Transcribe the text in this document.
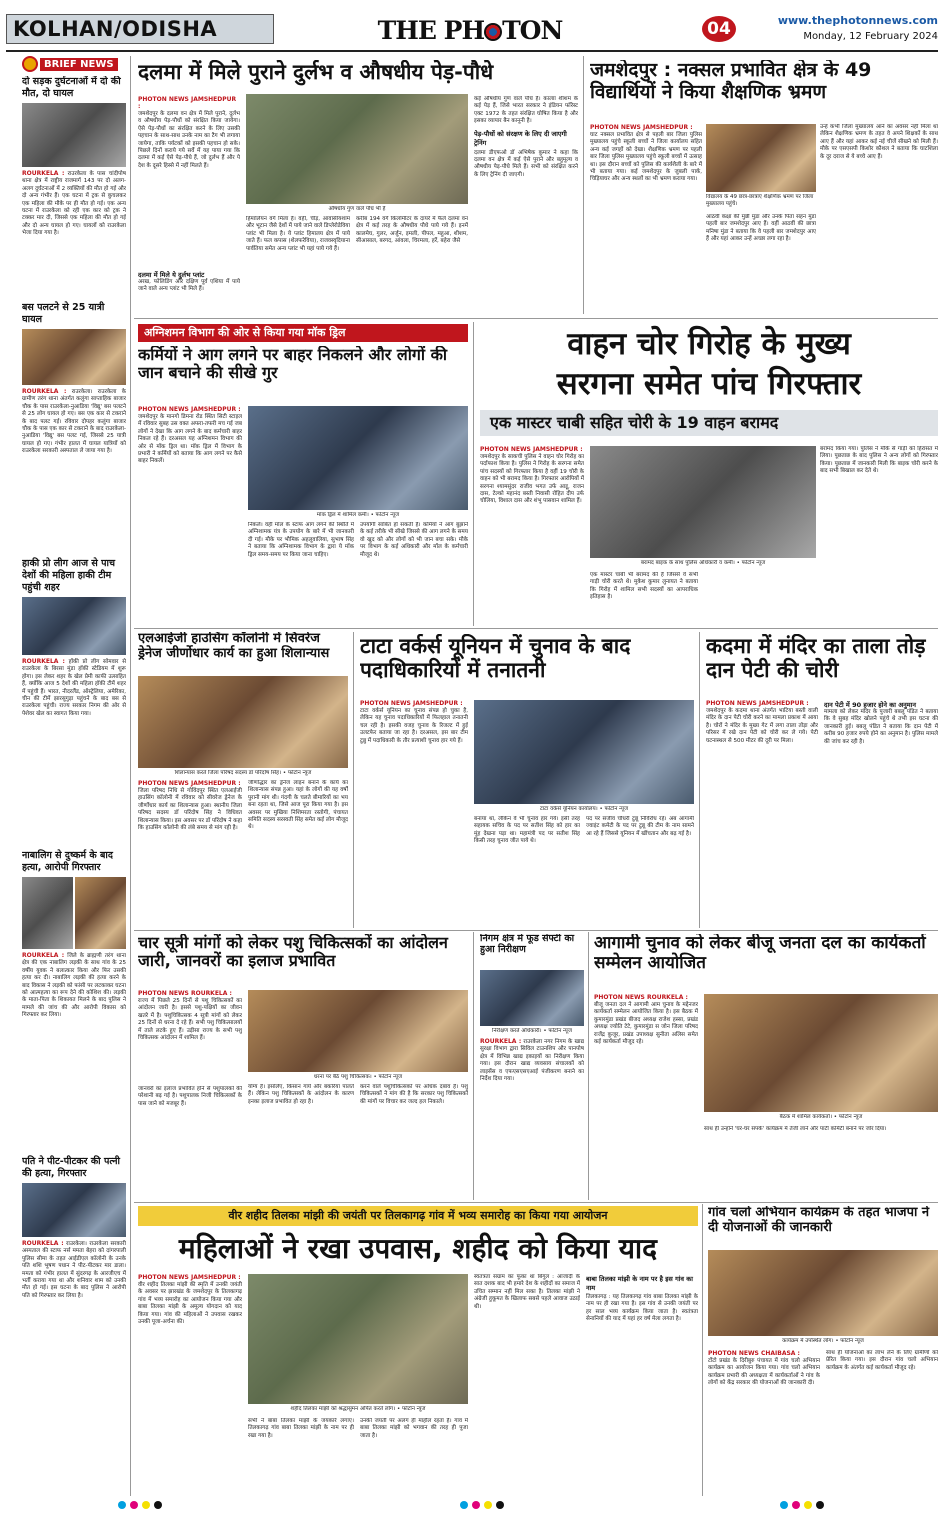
KOLHAN/ODISHA	THE PH TON	04	www.thephotonnews.com
Monday, 12 February 2024
BRIEF NEWS
दो सड़क दुर्घटनाओं में दो की मौत, दो घायल
ROURKELA : राउरकेला के पास चांदीपोष थाना क्षेत्र में राष्ट्रीय राजमार्ग 143 पर दो अलग-अलग दुर्घटनाओं में 2 व्यक्तियों की मौत हो गई और दो अन्य गंभीर हैं। एक घटना में ट्रक से कुचलकर एक महिला की मौके पर ही मौत हो गई। एक अन्य घटना में राउरकेला को रही एक कार को ट्रक ने टक्कर मार दी, जिससे एक महिला की मौत हो गई और दो अन्य घायल हो गए। घायलों को राउरकेला भेजा दिया गया है।
बस पलटने से 25 यात्री घायल
ROURKELA : राउरकेला। राउरकेला के ग्रामीण तरंग थाना अंतर्गत कलुंगा साप्ताहिक बाजार चौक के पास राउरकेला-नुआडिया 'विद्यु' बस पलटने से 25 लोग घायल हो गए। बस एक कार से टकराने के बाद पलट गई। रविवार दोपहर कलुंगा बाजार चौक के पास एक कार से टकराने के बाद राउरकेला-नुआडिया 'विद्यु' बस पलट गई, जिससे 25 यात्री घायल हो गए। गंभीर हालत में घायल यात्रियों को राउरकेला सरकारी अस्पताल ले जाया गया है।
हाकी प्रो लीग आज से पाच देशों की महिला हाकी टीम पहुंची शहर
ROURKELA : हॉकी प्रो लीग सोमवार से राउरकेला के बिरसा मुंडा हॉकी स्टेडियम में शुरू होगा। इस लेकर शहर के खेल प्रेमी काफी उत्साहित हैं, क्योंकि आज 5 देशों की महिला हॉकी टीमें शहर में पहुंची हैं। भारत, नीदरलैंड, ऑस्ट्रेलिया, अमेरिका, चीन की टीमें झारसुगुड़ा पहुंचने के बाद बस से राउरकेला पहुंची। राज्य सरकार निगम की ओर से पेशेवर खेल का स्वागत किया गया।
नाबालिग से दुष्कर्म के बाद हत्या, आरोपी गिरफ्तार
ROURKELA : जिले के ब्राह्मणी तरंग थाना क्षेत्र की एक नाबालिग लड़की के साथ गांव के 25 वर्षीय युवक ने बलात्कार किया और फिर उसकी हत्या कर दी। नाबालिग लड़की की हत्या करने के बाद विकास ने लड़की को फांसी पर लटकाकर घटना को आत्महत्या का रूप देने की कोशिश की। लड़की के माता-पिता के शिकायत मिलने के बाद पुलिस ने मामले की जांच की और आरोपी विकास को गिरफ्तार कर लिया।
पति ने पीट-पीटकर की पत्नी की हत्या, गिरफ्तार
ROURKELA : राउरकेला। राउरकेला सरकारी अस्पताल की स्टाफ नर्स ममता बेहरा को दांगरपाली पुलिस सीमा के तहत आईडीएल कॉलोनी के उनके पति शशि भूषण पधान ने पीट-पीटकर मार डाला। ममता को गंभीर हालत में सुंदरगढ़ के आरजीएच में भर्ती कराया गया था और शनिवार शाम को उनकी मौत हो गई। इस घटना के बाद पुलिस ने आरोपी पति को गिरफ्तार कर लिया है।
दलमा में मिले पुराने दुर्लभ व औषधीय पेड़-पौधे
PHOTON NEWS JAMSHEDPUR :
जमशेदपुर के दलमा वन क्षेत्र में मिले पुराने, दुर्लभ व औषधीय पेड़-पौधों को संरक्षित किया जायेगा। ऐसे पेड़-पौधों का संरक्षित करने के लिए उसकी पहचान के साथ-साथ उनके नाम का टैग भी लगाया जायेगा, ताकि पर्यटकों को इसकी पहचान हो सके। पिछले दिनों कराये गये सर्वे में यह पाया गया कि दलमा में कई ऐसे पेड़-पौधे हैं, जो दुर्लभ हैं और पे देश के दूसरे हिस्से में नहीं मिलते हैं।
औषधीय गुण वाले पौधे भी हैं
हिमालियन वर्ग मिला है। वहीं, चीड़, आवासीयशाम और भूटान जैसे देशों में पाये जाने वाले डिप्लेरोडेविया प्लांट भी मिला है। ये प्लांट हिमालय क्षेत्र में पाये जाते हैं। फल कपास (शेलफरेविया), राजवस्वृदियाना पार्वतिया समेत अन्य प्लांट भी यहां पाये गये हैं।
दलमा में मिले ये दुर्लभ प्लांट
अरख, फोलिडिंग और दक्षिण पूर्व एशिया में पाये जाने वाले अन्य प्लांट भी मिले हैं।
करीब 194 वर्ग किलोमीटर के दायरे में फैले दलमा वन क्षेत्र में कई तरह के औषधीय पौधे पाये गये हैं। इनमें कालमेघ, गुलर, अर्जुन, इमली, पीपल, महुआ, शीशम, सीआसाल, बरगद, आंवला, चिरमला, हर्रे, बहेरा जैसे
कई औषधीय गुण वाले पौधे हैं। कालाा शीशम के कई पेड़ हैं, जिसे भारत सरकार ने इंडियन फॉरेस्ट एक्ट 1972 के तहत संरक्षित घोषित किया है और इसका व्यापार बैन कानूनी है।
पेड़-पौधों को संरक्षण के लिए दी जाएगी ट्रेनिंग
दलमा डीएफओ डॉ अभिषेक कुमार ने कहा कि दलमा वन क्षेत्र में कई ऐसे पुराने और बहुमूल्य व औषधीय पेड़-पौधे मिले हैं। सभी को संरक्षित करने के लिए ट्रेनिंग दी जाएगी।
जमशेदपुर : नक्सल प्रभावित क्षेत्र के 49 विद्यार्थियों ने किया शैक्षणिक भ्रमण
PHOTON NEWS JAMSHEDPUR :
घाट नक्सल प्रभावित क्षेत्र से पहली बार जिला पुलिस मुख्यालय पहुंचे स्कूली बच्चों ने जिला कार्यालय सहित अन्य कई जगहों को देखा। शैक्षणिक भ्रमण पर पहली बार जिला पुलिस मुख्यालय पहुंचे स्कूली बच्चों में उत्साह था। इस दौरान बच्चों को पुलिस की कार्यशैली के बारे में भी बताया गया। कई जमशेदपुर के जुबली पार्क, चिड़ियाघर और अन्य स्थलों का भी भ्रमण कराया गया।
विद्यालय के 49 छात्र-छात्राएं शैक्षणिक भ्रमण पर जिला मुख्यालय पहुंचे।
आठवीं कक्षा की मुन्नी मुंडा और उनके पिता सहन मुंडा पहली बार जमशेदपुर आए हैं। वहीं आठवीं की छात्रा मनिषा मुंडा ने बताया कि वे पहली बार जमशेदपुर आए हैं और यहां आकर उन्हें अच्छा लगा रहा है।
उन्हें कभी जिला मुख्यालय आने का अवसर नहीं मिला था लेकिन शैक्षणिक भ्रमण के तहत वे अपने शिक्षकों के साथ आए हैं और यहां आकर कई नई चीजें सीखने को मिली हैं। मौके पर एसएसपी किशोर कौशल ने बताया कि घाटशिला के दूर दराज से ये बच्चे आए हैं।
अग्निशमन विभाग की ओर से किया गया मॉक ड्रिल
कर्मियों ने आग लगने पर बाहर निकलने और लोगों की जान बचाने की सीखे गुर
PHOTON NEWS JAMSHEDPUR :
जमशेदपुर के मानगो डिमना रोड स्थित सिटी स्टाइल में रविवार सुबह उस वक्त अफरा-तफरी मच गई जब लोगों ने देखा कि आग लगने के बाद कर्मचारी बाहर निकल रहे हैं। दरअसल यह अग्निशमन विभाग की ओर से मॉक ड्रिल था। मॉक ड्रिल में विभाग के प्रभारी ने कर्मियों को बताया कि आग लगने पर कैसे बाहर निकलें।
मॉक ड्रिल में शामिल कर्मी। • फोटोन न्यूज
निकलें। वहीं मॉल के स्टाफ आग लगने की स्थिति में अग्निशामक यंत्र के उपयोग के बारे में भी जानकारी दी गई। मौके पर भौमिक अहलूवालिया, सुभाष सिंह ने बताया कि अग्निशामक विभाग के द्वारा ये मॉक ड्रिल समय-समय पर किया जाना चाहिए।
उपयोगी साबित हो सकती है। कर्मियों ने आग बुझाने के कई तरीके भी सीखे जिससे की आग लगने के समय वो खुद को और लोगों को भी जान बचा सके। मौके पर विभाग के कई अधिकारी और मॉल के कर्मचारी मौजूद थे।
वाहन चोर गिरोह के मुख्य
सरगना समेत पांच गिरफ्तार
एक मास्टर चाबी सहित चोरी के 19 वाहन बरामद
PHOTON NEWS JAMSHEDPUR :
जमशेदपुर के साकची पुलिस ने वाहन चोर गिरोह का पर्दाफाश किया है। पुलिस ने गिरोह के सरगना समेत पांच सदस्यों को गिरफ्तार किया है वहीं 19 चोरी के वाहन को भी बरामद किया है। गिरफ्तार आरोपियों में सरगना श्यामसुंदर राजीव भगत उर्फ आइू, राजन दास, टेल्को महानंद बस्ती निवासी रोहित दीप उर्फ चोलिया, विशाल दास और शंभू पासवान शामिल हैं।
बरामद बाइक के साथ पुलिस अधिकारी व कर्मी। • फोटोन न्यूज
एक मास्टर चाबी भी बरामद की है जिससे वे सभी गाड़ी चोरी करते थे। मुकेश कुमार लुनायत ने बताया कि गिरोह में शामिल सभी सदस्यों का आपराधिक इतिहास है।
बरामद किया गया। पुलिस ने मौके से गाड़ी को हिरासत में लिया। पूछताछ के बाद पुलिस ने अन्य लोगों को गिरफ्तार किया। पूछताछ में जानकारी मिली कि बाइक चोरी करने के बाद सभी बिखाल कर देते थे।
एलआईजी हाउसिंग कॉलोनी में सिवरेज ड्रेनेज जीर्णोधार कार्य का हुआ शिलान्यास
शिलान्यास करते जिला परिषद सदस्य डॉ परिंदोष सिंह। • फोटोन न्यूज
PHOTON NEWS JAMSHEDPUR :
जिला परिषद निधि से गोविंदपुर स्थित एलआईजी हाउसिंग कॉलोनी में रविवार को सीवरेज ड्रेनेज के जीर्णोधार कार्य का शिलान्यास हुआ। स्थानीय जिला परिषद सदस्य डॉ परिंदोष सिंह ने विधिवत शिलान्यास किया। इस अवसर पर डॉ परिंदोष ने कहा कि हाउसिंग कॉलोनी की लंबे समय से मांग रही है।
जीर्णोद्धार का ड्रेनेज लाइन बनाने के कार्य का शिलान्यास संपन्न हुआ। यहां के लोगों की यह वर्षों पुरानी मांग थी। गंदगी के चलते बीमारियों का भय बना रहता था, जिसे आज पूरा किया गया है। इस अवसर पर मुखिया निशिमरता रस्तोगी, पंचायत समिति सदस्य सरस्वती सिंह समेत कई लोग मौजूद थे।
टाटा वर्कर्स यूनियन में चुनाव के बाद पदाधिकारियों में तनातनी
PHOTON NEWS JAMSHEDPUR :
टाटा वर्कर्स यूनियन का चुनाव संपन्न हो चुका है, लेकिन यह चुनाव पदाधिकारियों में फिलहाल तनातनी चल रही है। इसकी वजह चुनाव के रिजल्ट में हुई उलटफेर बताया जा रहा है। दरअसल, इस बार टीम टुन्नु में पदाधिकारी के तौर प्रत्याशी चुनाव हार गये हैं।
टाटा वर्कर्स यूनियन कार्यालय। • फोटोन न्यूज
बनाया था, लेकिन वे भी चुनाव हार गये। इसी तरह सहायक सचिव के पद पर सतीश सिंह को हार का मुंह देखना पड़ा था। महामंत्री पद पर सतीश सिंह किसी तरह चुनाव जीत पाये थे।
पद पर संजीव चौधरी टुन्नू निर्विरोध रहे। अब आगामी ज्वाइंट कमेटी के पद पर टुन्नू की टीम के नाम सामने आ रहे हैं जिससे यूनियन में खींचतान और बढ़ गई है।
कदमा में मंदिर का ताला तोड़ दान पेटी की चोरी
PHOTON NEWS JAMSHEDPUR :
जमशेदपुर के कदमा थाना अंतर्गत भाटिया बस्ती वाली मंदिर के दान पेटी चोरी करने का मामला प्रकाश में आया है। चोरों ने मंदिर के मुख्य गेट में लगा ताला तोड़ा और परिसर में रखे दान पेटी को चोरी कर ले गये। पेटी घटनास्थल से 500 मीटर की दूरी पर मिला।
दान पेटी में 90 हजार होने का अनुमान
मामला को लेकर मंदिर के पुजारी बबलू पंडित ने बताया कि वे सुबह मंदिर खोलने पहुंचे थे तभी इस घटना की जानकारी हुई। बबलू पंडित ने बताया कि दान पेटी में करीब 90 हजार रुपये होने का अनुमान है। पुलिस मामले की जांच कर रही है।
चार सूत्री मांगों को लेकर पशु चिकित्सकों का आंदोलन जारी, जानवरों का इलाज प्रभावित
PHOTON NEWS ROURKELA :
राज्य में पिछले 25 दिनों से पशु चिकित्सकों का आंदोलन जारी है। इससे पशु-पक्षियों का जीवन खतरे में है। पशुचिकित्सक 4 सूत्री मांगों को लेकर 25 दिनों से धरना दे रहे हैं। सभी पशु चिकित्सालयों में ताले लटके हुए हैं। उड़ीसा राज्य के सभी पशु चिकित्सक आंदोलन में शामिल हैं।
धरना पर बैठे पशु चिकित्सक। • फोटोन न्यूज
जानवरों का इलाज प्रभावित होने से पशुपालकों की परेशानी बढ़ गई है। पशुपालक निजी चिकित्सकों के पास जाने को मजबूर हैं।
योग्य है। इसलिए, किसान गायें और बकरियां पालते हैं। लेकिन पशु चिकित्सकों के आंदोलन के कारण इनका इलाज प्रभावित हो रहा है।
करने वाले पशुचिकित्सकों पर अधिक दबाव है। पशु चिकित्सकों ने मांग की है कि सरकार पशु चिकित्सकों की मांगों पर विचार कर जल्द हल निकाले।
निगम क्षेत्र में फूड सेफ्टी का हुआ निरीक्षण
निरीक्षण करते अधिकारी। • फोटोन न्यूज
ROURKELA : राउरकेला नगर निगम के खाद्य सुरक्षा विभाग द्वारा सिविल टाउनशिप और पानपोष क्षेत्र में विभिन्न खाद्य इकाइयों का निरीक्षण किया गया। इस दौरान खाद्य व्यवसाय संचालकों को लाइसेंस व एफएसएसएआई पंजीकरण बनाने का निर्देश दिया गया।
आगामी चुनाव को लेकर बीजू जनता दल का कार्यकर्ता सम्मेलन आयोजित
PHOTON NEWS ROURKELA :
बीजू जनता दल ने आगामी आम चुनाव के मद्देनजर कार्यकर्ता सम्मेलन आयोजित किया है। इस बैठक में कुमारमुंडा प्रखंड बीजद अध्यक्ष राजेश हस्सा, प्रखंड अध्यक्ष ज्योति टेटे, कुमारमुंडा स जोन जिला परिषद राजेंद्र कुजूर, प्रखंड उपाध्यक्ष सुनीता अलिस समेत कई कार्यकर्ता मौजूद रहे।
बैठक में शामिल कार्यकर्ता। • फोटोन न्यूज
साथ ही उन्होंने 'घर-घर संपर्क' कार्यक्रम में तेजी लाने और पार्टी कमिटी बनाने पर जोर दिया।
वीर शहीद तिलका मांझी की जयंती पर तिलकागढ़ गांव में भव्य समारोह का किया गया आयोजन
महिलाओं ने रखा उपवास, शहीद को किया याद
PHOTON NEWS JAMSHEDPUR :
वीर शहीद तिलका मांझी की स्मृति में उनकी जयंती के अवसर पर झारखंड के जमशेदपुर के तिलकागढ़ गांव में भव्य समारोह का आयोजन किया गया और बाबा तिलका मांझी के अमूल्य योगदान को याद किया गया। गांव की महिलाओं ने उपवास रखकर उनकी पूजा-अर्चना की।
शहीद तिलका मांझी को श्रद्धासुमन अर्पित करते लोग। • फोटोन न्यूज
सभी ने बाबा तिलका मांझी के जयकारे लगाए। तिलकागढ़ गांव बाबा तिलका मांझी के नाम पर ही रखा गया है।
उनकी जयंती पर अलग ही माहौल रहता है। गांव में बाबा तिलका मांझी को भगवान की तरह ही पूजा जाता है।
स्वतंत्रता संग्राम का फूंका था बिगुल : आजादी के सात दशक बाद भी हमारे देश के शहीदों का समाज में उचित सम्मान नहीं मिल सका है। तिलका मांझी ने अंग्रेजी हुकूमत के खिलाफ सबसे पहले आवाज उठाई थी।
बाबा तिलका मांझी के नाम पर है इस गांव का नाम
तिलकागढ़ : यह तिलकागढ़ गांव बाबा तिलका मांझी के नाम पर ही रखा गया है। इस गांव से उनकी जयंती पर हर साल भव्य कार्यक्रम किया जाता है। स्वतंत्रता सेनानियों की याद में यहां हर वर्ष मेला लगता है।
गांव चलो अभियान कार्यक्रम के तहत भाजपा ने दी योजनाओं की जानकारी
कार्यक्रम में उपस्थित लोग। • फोटोन न्यूज
PHOTON NEWS CHAIBASA :
टोंटो प्रखंड के दिरीबुरु पंचायत में गांव चलो अभियान कार्यक्रम का आयोजन किया गया। गांव चलो अभियान कार्यक्रम प्रभारी की अध्यक्षता में कार्यकर्ताओं ने गांव के लोगों को केंद्र सरकार की योजनाओं की जानकारी दी।
साथ ही योजनाओं का लाभ लेने के लिए ग्रामीणों को प्रेरित किया गया। इस दौरान गांव चलो अभियान कार्यक्रम के अंतर्गत कई कार्यकर्ता मौजूद रहे।
